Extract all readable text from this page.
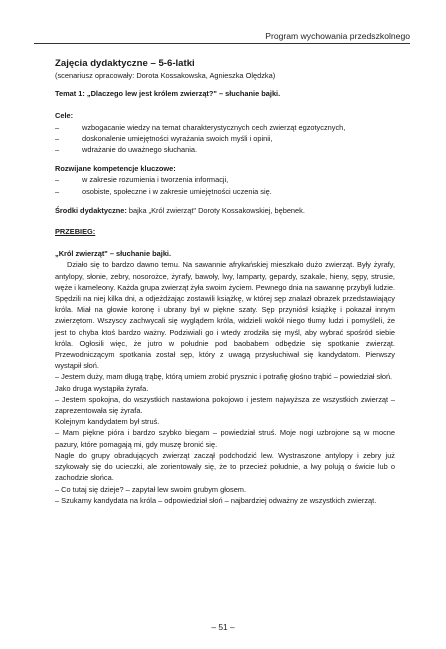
Program wychowania przedszkolnego

Zajęcia dydaktyczne – 5-6-latki

(scenariusz opracowały: Dorota Kossakowska, Agnieszka Olędzka)

Temat 1: „Dlaczego lew jest królem zwierząt?" – słuchanie bajki.

Cele:

–	wzbogacanie wiedzy na temat charakterystycznych cech zwierząt egzotycznych,
–	doskonalenie umiejętności wyrażania swoich myśli i opinii,
–	wdrażanie do uważnego słuchania.

Rozwijane kompetencje kluczowe:

–	w zakresie rozumienia i tworzenia informacji,
–	osobiste, społeczne i w zakresie umiejętności uczenia się.

Środki dydaktyczne: bajka „Król zwierząt" Doroty Kossakowskiej, bębenek.

PRZEBIEG:

„Król zwierząt" – słuchanie bajki.

Działo się to bardzo dawno temu. Na sawannie afrykańskiej mieszkało dużo zwierząt. Były żyrafy, antylopy, słonie, zebry, nosorożce, żyrafy, bawoły, lwy, lamparty, gepardy, szakale, hieny, sępy, strusie, węże i kameleony. Każda grupa zwierząt żyła swoim życiem. Pewnego dnia na sawannę przybyli ludzie. Spędzili na niej kilka dni, a odjeżdżając zostawili książkę, w której sęp znalazł obrazek przedstawiający króla. Miał na głowie koronę i ubrany był w piękne szaty. Sęp przyniósł książkę i pokazał innym zwierzętom. Wszyscy zachwycali się wyglądem króla, widzieli wokół niego tłumy ludzi i pomyśleli, że jest to chyba ktoś bardzo ważny. Podziwiali go i wtedy zrodziła się myśl, aby wybrać spośród siebie króla. Ogłosili więc, że jutro w południe pod baobabem odbędzie się spotkanie zwierząt. Przewodniczącym spotkania został sęp, który z uwagą przysłuchiwał się kandydatom. Pierwszy wystąpił słoń.

– Jestem duży, mam długą trąbę, którą umiem zrobić prysznic i potrafię głośno trąbić – powiedział słoń.

Jako druga wystąpiła żyrafa.

– Jestem spokojna, do wszystkich nastawiona pokojowo i jestem najwyższa ze wszystkich zwierząt – zaprezentowała się żyrafa.

Kolejnym kandydatem był struś.

– Mam piękne pióra i bardzo szybko biegam – powiedział struś. Moje nogi uzbrojone są w mocne pazury, które pomagają mi, gdy muszę bronić się.

Nagle do grupy obradujących zwierząt zaczął podchodzić lew. Wystraszone antylopy i zebry już szykowały się do ucieczki, ale zorientowały się, że to przecież południe, a lwy polują o świcie lub o zachodzie słońca.

– Co tutaj się dzieje? – zapytał lew swoim grubym głosem.

– Szukamy kandydata na króla – odpowiedział słoń – najbardziej odważny ze wszystkich zwierząt.

– 51 –
